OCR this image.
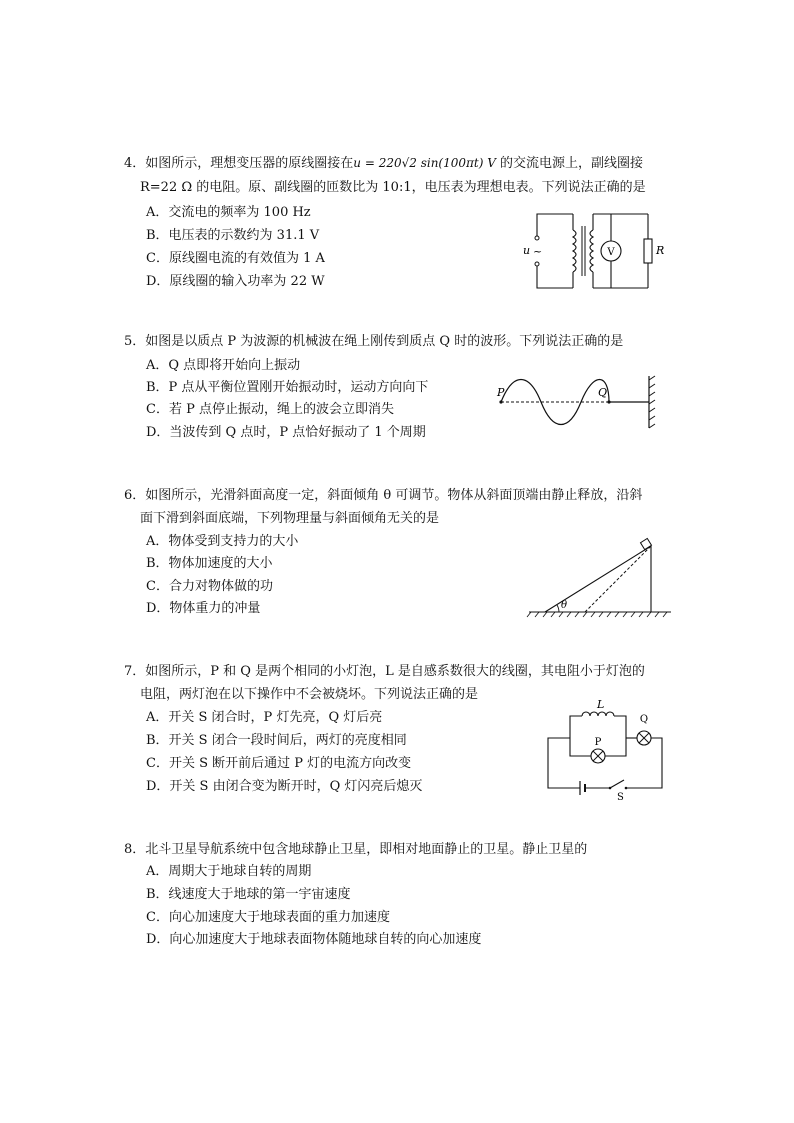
4．如图所示，理想变压器的原线圈接在u = 220√2 sin(100πt) V 的交流电源上，副线圈接
R=22 Ω 的电阻。原、副线圈的匝数比为 10:1，电压表为理想电表。下列说法正确的是
A．交流电的频率为 100 Hz
B．电压表的示数约为 31.1 V
C．原线圈电流的有效值为 1 A
D．原线圈的输入功率为 22 W
u ~	V	R
5．如图是以质点 P 为波源的机械波在绳上刚传到质点 Q 时的波形。下列说法正确的是
A．Q 点即将开始向上振动
B．P 点从平衡位置刚开始振动时，运动方向向下
C．若 P 点停止振动，绳上的波会立即消失
D．当波传到 Q 点时，P 点恰好振动了 1 个周期
P	Q
6．如图所示，光滑斜面高度一定，斜面倾角 θ 可调节。物体从斜面顶端由静止释放，沿斜
面下滑到斜面底端，下列物理量与斜面倾角无关的是
A．物体受到支持力的大小
B．物体加速度的大小
C．合力对物体做的功
D．物体重力的冲量	θ
7．如图所示，P 和 Q 是两个相同的小灯泡，L 是自感系数很大的线圈，其电阻小于灯泡的
电阻，两灯泡在以下操作中不会被烧坏。下列说法正确的是
A．开关 S 闭合时，P 灯先亮，Q 灯后亮
B．开关 S 闭合一段时间后，两灯的亮度相同
C．开关 S 断开前后通过 P 灯的电流方向改变
D．开关 S 由闭合变为断开时，Q 灯闪亮后熄灭
L
P
Q
S
8．北斗卫星导航系统中包含地球静止卫星，即相对地面静止的卫星。静止卫星的
A．周期大于地球自转的周期
B．线速度大于地球的第一宇宙速度
C．向心加速度大于地球表面的重力加速度
D．向心加速度大于地球表面物体随地球自转的向心加速度
